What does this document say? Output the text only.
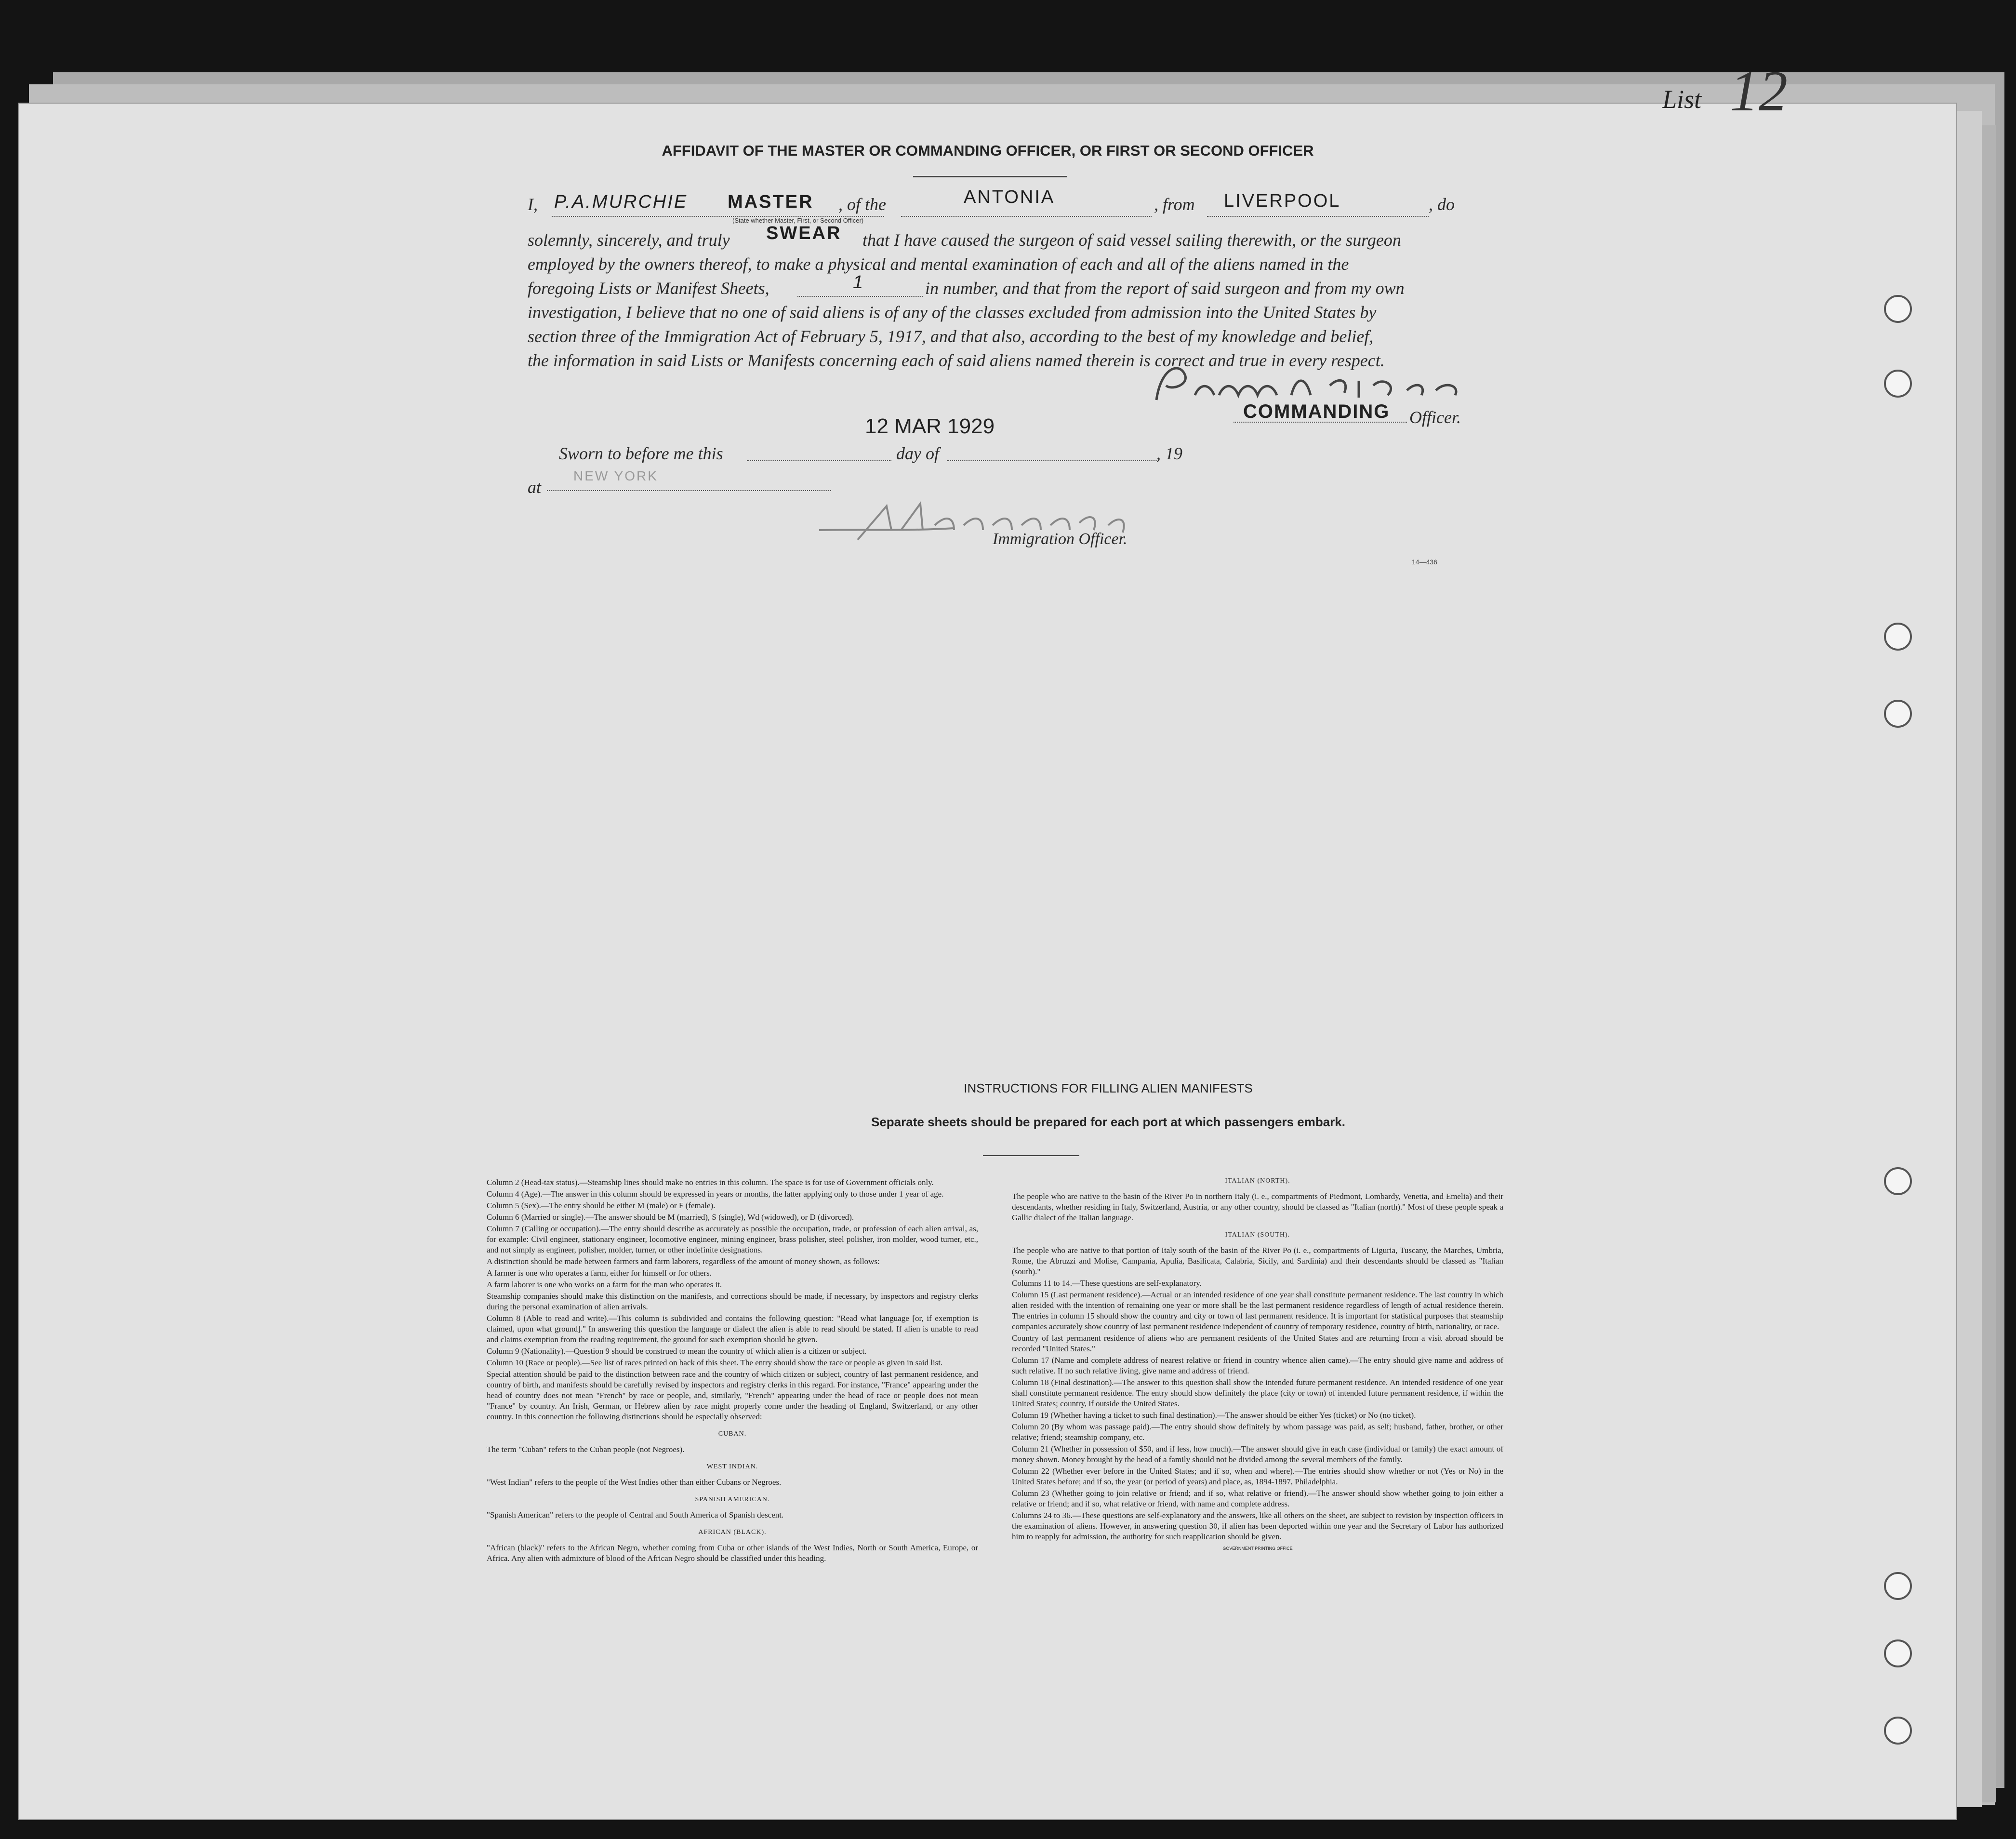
List 12
AFFIDAVIT OF THE MASTER OR COMMANDING OFFICER, OR FIRST OR SECOND OFFICER
I, P.A.MURCHIE MASTER
(State whether Master, First, or Second Officer)
, of the	ANTONIA	, from LIVERPOOL	, do
solemnly, sincerely, and truly SWEAR that I have caused the surgeon of said vessel sailing therewith, or the surgeon
employed by the owners thereof, to make a physical and mental examination of each and all of the aliens named in the
foregoing Lists or Manifest Sheets,	1	in number, and that from the report of said surgeon and from my own
investigation, I believe that no one of said aliens is of any of the classes excluded from admission into the United States by
section three of the Immigration Act of February 5, 1917, and that also, according to the best of my knowledge and belief,
the information in said Lists or Manifests concerning each of said aliens named therein is correct and true in every respect.
COMMANDING Officer.
12 MAR 1929
Sworn to before me this	day of	, 19
at
NEW YORK
Immigration Officer.
14—436
INSTRUCTIONS FOR FILLING ALIEN MANIFESTS
Separate sheets should be prepared for each port at which passengers embark.

Column 2 (Head-tax status).—Steamship lines should make no entries in this column. The space is for use of Government officials only.

Column 4 (Age).—The answer in this column should be expressed in years or months, the latter applying only to those under 1 year of age.

Column 5 (Sex).—The entry should be either M (male) or F (female).

Column 6 (Married or single).—The answer should be M (married), S (single), Wd (widowed), or D (divorced).

Column 7 (Calling or occupation).—The entry should describe as accurately as possible the occupation, trade, or profession of each alien arrival, as, for example: Civil engineer, stationary engineer, locomotive engineer, mining engineer, brass polisher, steel polisher, iron molder, wood turner, etc., and not simply as engineer, polisher, molder, turner, or other indefinite designations.

A distinction should be made between farmers and farm laborers, regardless of the amount of money shown, as follows:

A farmer is one who operates a farm, either for himself or for others.

A farm laborer is one who works on a farm for the man who operates it.

Steamship companies should make this distinction on the manifests, and corrections should be made, if necessary, by inspectors and registry clerks during the personal examination of alien arrivals.

Column 8 (Able to read and write).—This column is subdivided and contains the following question: "Read what language [or, if exemption is claimed, upon what ground]." In answering this question the language or dialect the alien is able to read should be stated. If alien is unable to read and claims exemption from the reading requirement, the ground for such exemption should be given.

Column 9 (Nationality).—Question 9 should be construed to mean the country of which alien is a citizen or subject.

Column 10 (Race or people).—See list of races printed on back of this sheet. The entry should show the race or people as given in said list.

Special attention should be paid to the distinction between race and the country of which citizen or subject, country of last permanent residence, and country of birth, and manifests should be carefully revised by inspectors and registry clerks in this regard. For instance, "France" appearing under the head of country does not mean "French" by race or people, and, similarly, "French" appearing under the head of race or people does not mean "France" by country. An Irish, German, or Hebrew alien by race might properly come under the heading of England, Switzerland, or any other country. In this connection the following distinctions should be especially observed:

CUBAN.

The term "Cuban" refers to the Cuban people (not Negroes).

WEST INDIAN.

"West Indian" refers to the people of the West Indies other than either Cubans or Negroes.

SPANISH AMERICAN.

"Spanish American" refers to the people of Central and South America of Spanish descent.

AFRICAN (BLACK).

"African (black)" refers to the African Negro, whether coming from Cuba or other islands of the West Indies, North or South America, Europe, or Africa. Any alien with admixture of blood of the African Negro should be classified under this heading.

ITALIAN (NORTH).

The people who are native to the basin of the River Po in northern Italy (i. e., compartments of Piedmont, Lombardy, Venetia, and Emelia) and their descendants, whether residing in Italy, Switzerland, Austria, or any other country, should be classed as "Italian (north)." Most of these people speak a Gallic dialect of the Italian language.

ITALIAN (SOUTH).

The people who are native to that portion of Italy south of the basin of the River Po (i. e., compartments of Liguria, Tuscany, the Marches, Umbria, Rome, the Abruzzi and Molise, Campania, Apulia, Basilicata, Calabria, Sicily, and Sardinia) and their descendants should be classed as "Italian (south)."

Columns 11 to 14.—These questions are self-explanatory.

Column 15 (Last permanent residence).—Actual or an intended residence of one year shall constitute permanent residence. The last country in which alien resided with the intention of remaining one year or more shall be the last permanent residence regardless of length of actual residence therein. The entries in column 15 should show the country and city or town of last permanent residence. It is important for statistical purposes that steamship companies accurately show country of last permanent residence independent of country of temporary residence, country of birth, nationality, or race.

Country of last permanent residence of aliens who are permanent residents of the United States and are returning from a visit abroad should be recorded "United States."

Column 17 (Name and complete address of nearest relative or friend in country whence alien came).—The entry should give name and address of such relative. If no such relative living, give name and address of friend.

Column 18 (Final destination).—The answer to this question shall show the intended future permanent residence. An intended residence of one year shall constitute permanent residence. The entry should show definitely the place (city or town) of intended future permanent residence, if within the United States; country, if outside the United States.

Column 19 (Whether having a ticket to such final destination).—The answer should be either Yes (ticket) or No (no ticket).

Column 20 (By whom was passage paid).—The entry should show definitely by whom passage was paid, as self; husband, father, brother, or other relative; friend; steamship company, etc.

Column 21 (Whether in possession of $50, and if less, how much).—The answer should give in each case (individual or family) the exact amount of money shown. Money brought by the head of a family should not be divided among the several members of the family.

Column 22 (Whether ever before in the United States; and if so, when and where).—The entries should show whether or not (Yes or No) in the United States before; and if so, the year (or period of years) and place, as, 1894-1897, Philadelphia.

Column 23 (Whether going to join relative or friend; and if so, what relative or friend).—The answer should show whether going to join either a relative or friend; and if so, what relative or friend, with name and complete address.

Columns 24 to 36.—These questions are self-explanatory and the answers, like all others on the sheet, are subject to revision by inspection officers in the examination of aliens. However, in answering question 30, if alien has been deported within one year and the Secretary of Labor has authorized him to reapply for admission, the authority for such reapplication should be given.

GOVERNMENT PRINTING OFFICE
